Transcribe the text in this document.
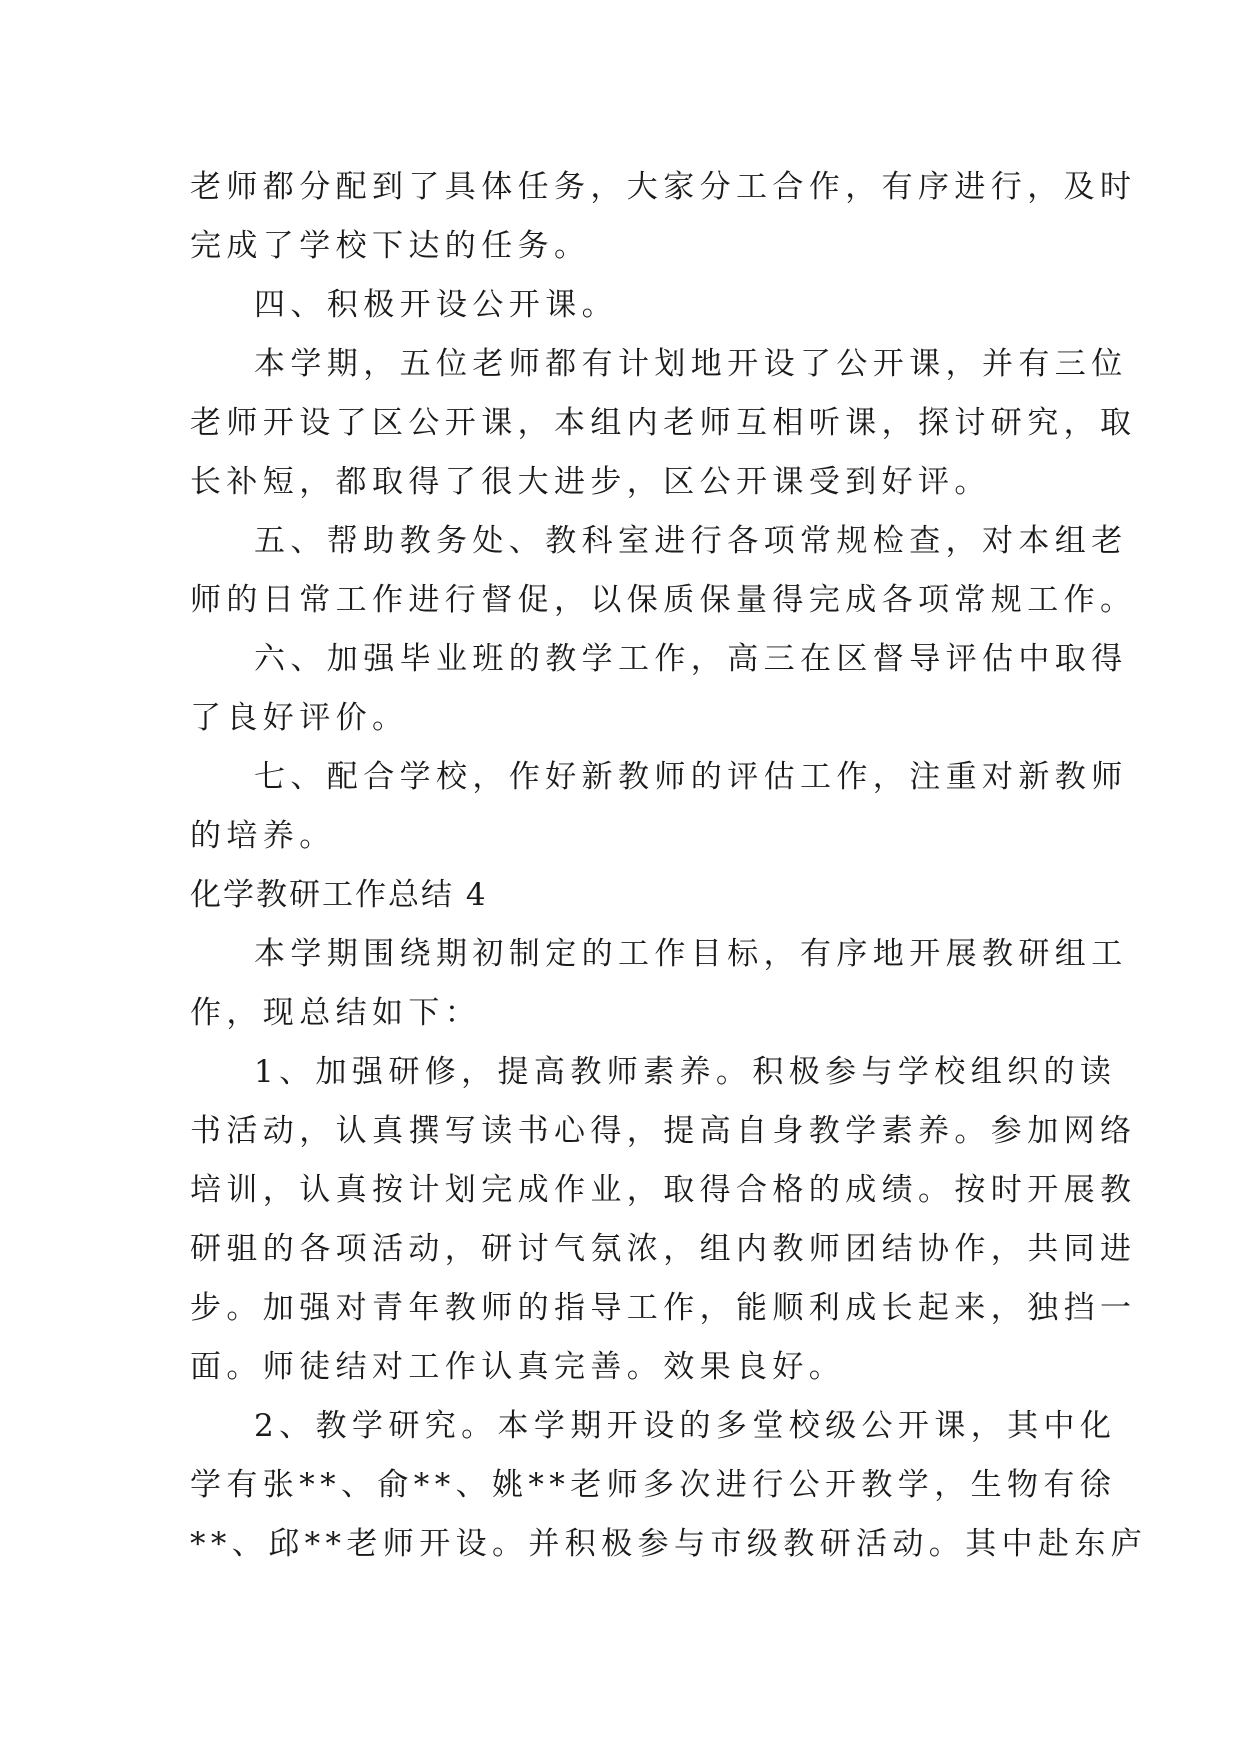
老师都分配到了具体任务，大家分工合作，有序进行，及时
完成了学校下达的任务。
四、积极开设公开课。
本学期，五位老师都有计划地开设了公开课，并有三位
老师开设了区公开课，本组内老师互相听课，探讨研究，取
长补短，都取得了很大进步，区公开课受到好评。
五、帮助教务处、教科室进行各项常规检查，对本组老
师的日常工作进行督促，以保质保量得完成各项常规工作。
六、加强毕业班的教学工作，高三在区督导评估中取得
了良好评价。
七、配合学校，作好新教师的评估工作，注重对新教师
的培养。
化学教研工作总结 4
本学期围绕期初制定的工作目标，有序地开展教研组工
作，现总结如下：
1、加强研修，提高教师素养。积极参与学校组织的读
书活动，认真撰写读书心得，提高自身教学素养。参加网络
培训，认真按计划完成作业，取得合格的成绩。按时开展教
研驵的各项活动，研讨气氛浓，组内教师团结协作，共同进
步。加强对青年教师的指导工作，能顺利成长起来，独挡一
面。师徒结对工作认真完善。效果良好。
2、教学研究。本学期开设的多堂校级公开课，其中化
学有张**、俞**、姚**老师多次进行公开教学，生物有徐
**、邱**老师开设。并积极参与市级教研活动。其中赴东庐
